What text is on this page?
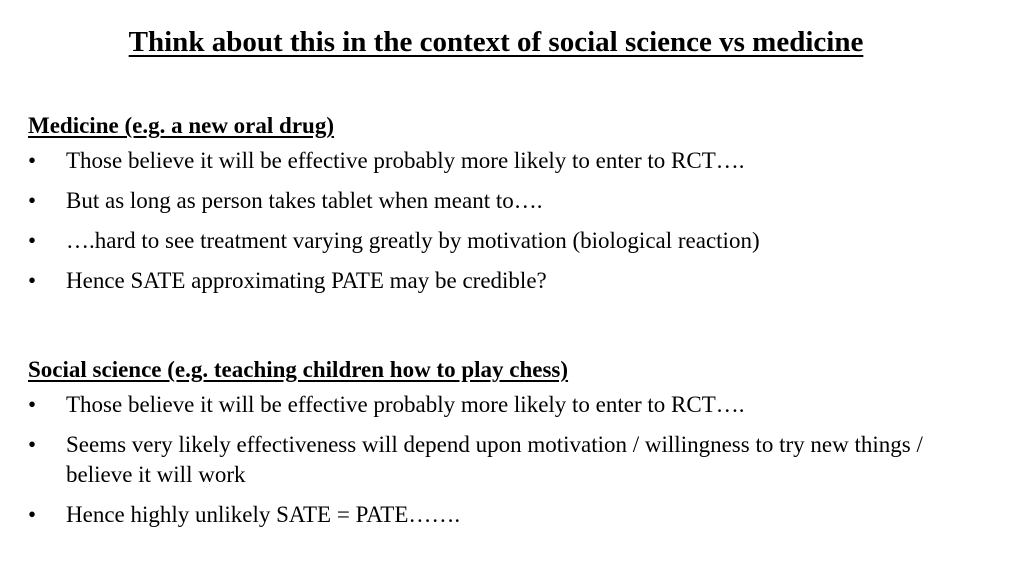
Think about this in the context of social science vs medicine
Medicine (e.g. a new oral drug)
•	Those believe it will be effective probably more likely to enter to RCT….
•	But as long as person takes tablet when meant to….
•	….hard to see treatment varying greatly by motivation (biological reaction)
•	Hence SATE approximating PATE may be credible?
Social science (e.g. teaching children how to play chess)
•	Those believe it will be effective probably more likely to enter to RCT….
•	Seems very likely effectiveness will depend upon motivation / willingness to try new things / believe it will work
•	Hence highly unlikely SATE = PATE…….
